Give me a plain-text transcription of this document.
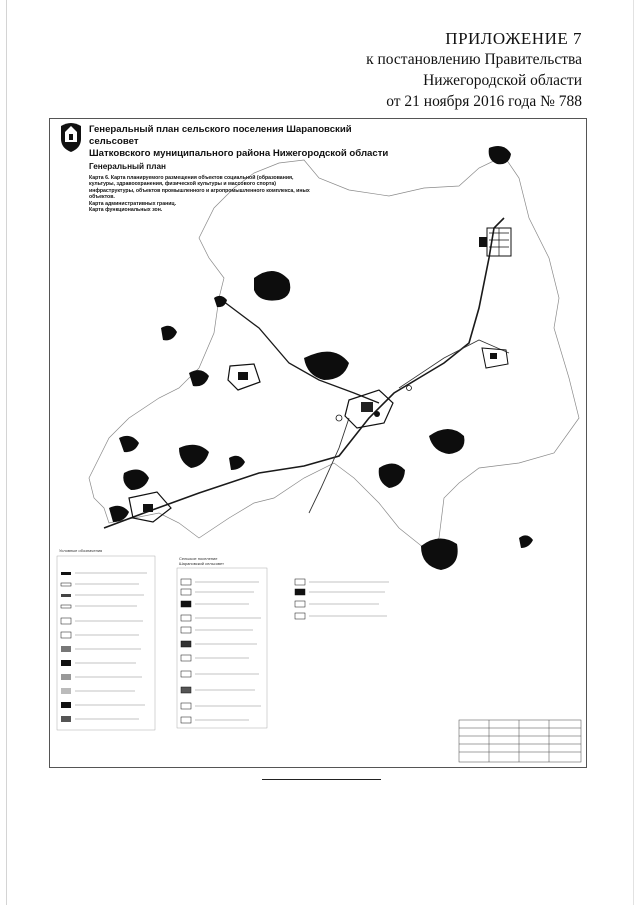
ПРИЛОЖЕНИЕ 7
к постановлению Правительства
Нижегородской области
от 21 ноября 2016 года № 788
Генеральный план сельского поселения Шараповский сельсовет
Шатковского муниципального района Нижегородской области
Генеральный план
Карта 6. Карта планируемого размещения объектов социальной (образования, культуры, здравоохранения, физической культуры и массового спорта) инфраструктуры, объектов промышленного и агропромышленного комплекса, иных объектов.
Карта административных границ.
Карта функциональных зон.
Условные обозначения
Сельское поселение Шараповский сельсовет
